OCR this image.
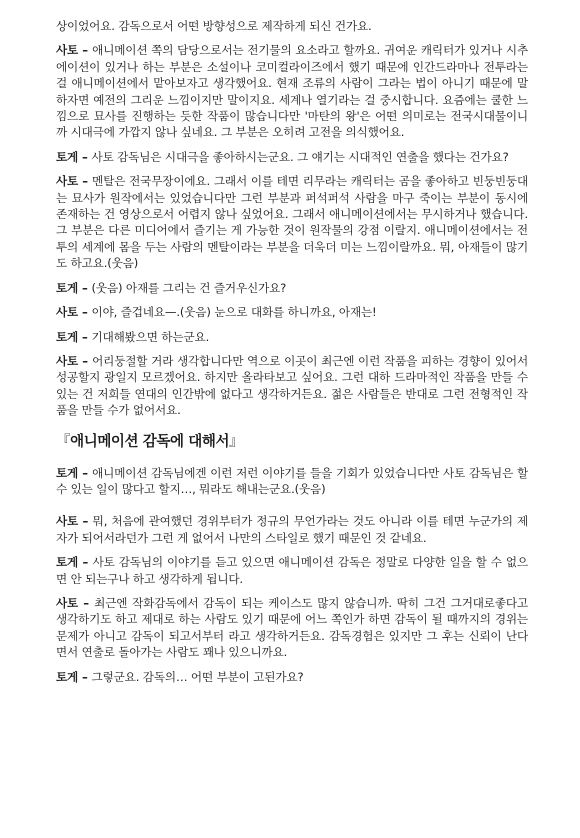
상이었어요. 감독으로서 어떤 방향성으로 제작하게 되신 건가요.

사토 – 애니메이션 쪽의 담당으로서는 전기물의 요소라고 할까요. 귀여운 캐릭터가 있거나 시추에이션이 있거나 하는 부분은 소설이나 코미컬라이즈에서 했기 때문에 인간드라마나 전투라는 걸 애니메이션에서 맡아보자고 생각했어요. 현재 조류의 사람이 그라는 법이 아니기 때문에 말하자면 예전의 그리운 느낌이지만 말이지요. 세계나 열기라는 걸 중시합니다. 요즘에는 쿨한 느낌으로 묘사를 진행하는 듯한 작품이 많습니다만 '마탄의 왕'은 어떤 의미로는 전국시대물이니까 시대극에 가깝지 않나 싶네요. 그 부분은 오히려 고전을 의식했어요.

토게 – 사토 감독님은 시대극을 좋아하시는군요. 그 얘기는 시대적인 연출을 했다는 건가요?

사토 – 멘탈은 전국무장이에요. 그래서 이를 테면 리무라는 캐릭터는 곰을 좋아하고 빈둥빈둥대는 묘사가 원작에서는 있었습니다만 그런 부분과 퍼석퍼석 사람을 마구 죽이는 부분이 동시에 존재하는 건 영상으로서 어렵지 않나 싶었어요. 그래서 애니메이션에서는 무시하거나 했습니다. 그 부분은 다른 미디어에서 즐기는 게 가능한 것이 원작물의 강점 이랄지. 애니메이션에서는 전투의 세계에 몸을 두는 사람의 멘탈이라는 부분을 더욱더 미는 느낌이랄까요. 뭐, 아재들이 많기도 하고요.(웃음)

토게 – (웃음) 아재를 그리는 건 즐거우신가요?

사토 – 이야, 즐겁네요—.(웃음) 눈으로 대화를 하니까요, 아재는!

토게 – 기대해봤으면 하는군요.

사토 – 어리둥절할 거라 생각합니다만 역으로 이곳이 최근엔 이런 작품을 피하는 경향이 있어서 성공할지 광일지 모르겠어요. 하지만 올라타보고 싶어요. 그런 대하 드라마적인 작품을 만들 수 있는 건 저희들 연대의 인간밖에 없다고 생각하거든요. 젊은 사람들은 반대로 그런 전형적인 작품을 만들 수가 없어서요.

『애니메이션 감독에 대해서』

토게 – 애니메이션 감독님에겐 이런 저런 이야기를 들을 기회가 있었습니다만 사토 감독님은 할 수 있는 일이 많다고 할지…, 뭐라도 해내는군요.(웃음)

사토 – 뭐, 처음에 관여했던 경위부터가 정규의 무언가라는 것도 아니라 이를 테면 누군가의 제자가 되어서라던가 그런 게 없어서 나만의 스타일로 했기 때문인 것 같네요.

토게 – 사토 감독님의 이야기를 듣고 있으면 애니메이션 감독은 정말로 다양한 일을 할 수 없으면 안 되는구나 하고 생각하게 됩니다.

사토 – 최근엔 작화감독에서 감독이 되는 케이스도 많지 않습니까. 딱히 그건 그거대로좋다고 생각하기도 하고 제대로 하는 사람도 있기 때문에 어느 쪽인가 하면 감독이 될 때까지의 경위는 문제가 아니고 감독이 되고서부터 라고 생각하거든요. 감독경험은 있지만 그 후는 신뢰이 난다면서 연출로 돌아가는 사람도 꽤나 있으니까요.

토게 – 그렇군요. 감독의… 어떤 부분이 고된가요?
